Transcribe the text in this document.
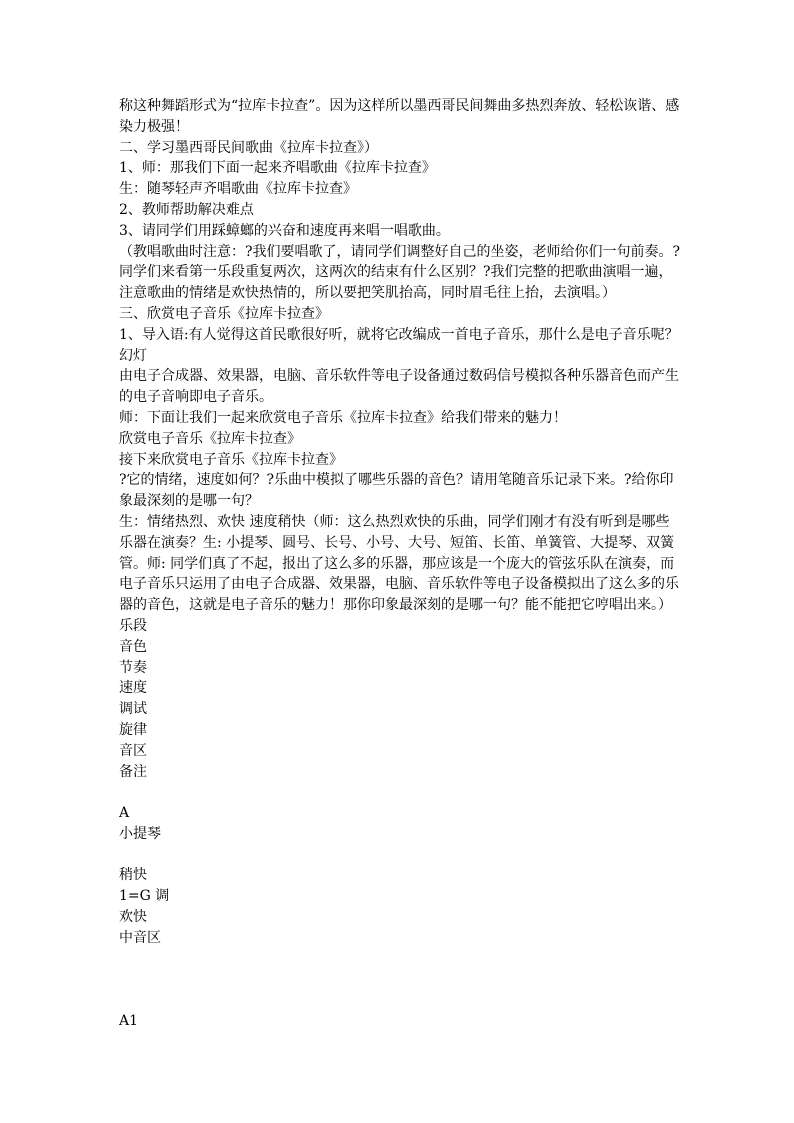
称这种舞蹈形式为“拉库卡拉查”。因为这样所以墨西哥民间舞曲多热烈奔放、轻松诙谐、感
染力极强！
二、学习墨西哥民间歌曲《拉库卡拉查》）
1、师：那我们下面一起来齐唱歌曲《拉库卡拉查》
生：随琴轻声齐唱歌曲《拉库卡拉查》
2、教师帮助解决难点
3、请同学们用踩蟑螂的兴奋和速度再来唱一唱歌曲。
（教唱歌曲时注意：?我们要唱歌了，请同学们调整好自己的坐姿，老师给你们一句前奏。?
同学们来看第一乐段重复两次，这两次的结束有什么区别？?我们完整的把歌曲演唱一遍，
注意歌曲的情绪是欢快热情的，所以要把笑肌抬高，同时眉毛往上抬，去演唱。）
三、欣赏电子音乐《拉库卡拉查》
1、导入语:有人觉得这首民歌很好听，就将它改编成一首电子音乐，那什么是电子音乐呢？
幻灯
由电子合成器、效果器，电脑、音乐软件等电子设备通过数码信号模拟各种乐器音色而产生
的电子音响即电子音乐。
师：下面让我们一起来欣赏电子音乐《拉库卡拉查》给我们带来的魅力！
欣赏电子音乐《拉库卡拉查》
接下来欣赏电子音乐《拉库卡拉查》
?它的情绪，速度如何？?乐曲中模拟了哪些乐器的音色？请用笔随音乐记录下来。?给你印
象最深刻的是哪一句？
生：情绪热烈、欢快 速度稍快（师：这么热烈欢快的乐曲，同学们刚才有没有听到是哪些
乐器在演奏？生: 小提琴、圆号、长号、小号、大号、短笛、长笛、单簧管、大提琴、双簧
管。师: 同学们真了不起，报出了这么多的乐器，那应该是一个庞大的管弦乐队在演奏，而
电子音乐只运用了由电子合成器、效果器，电脑、音乐软件等电子设备模拟出了这么多的乐
器的音色，这就是电子音乐的魅力！那你印象最深刻的是哪一句？能不能把它哼唱出来。）
乐段
音色
节奏
速度
调试
旋律
音区
备注
A
小提琴
稍快
1=G 调
欢快
中音区
A1
